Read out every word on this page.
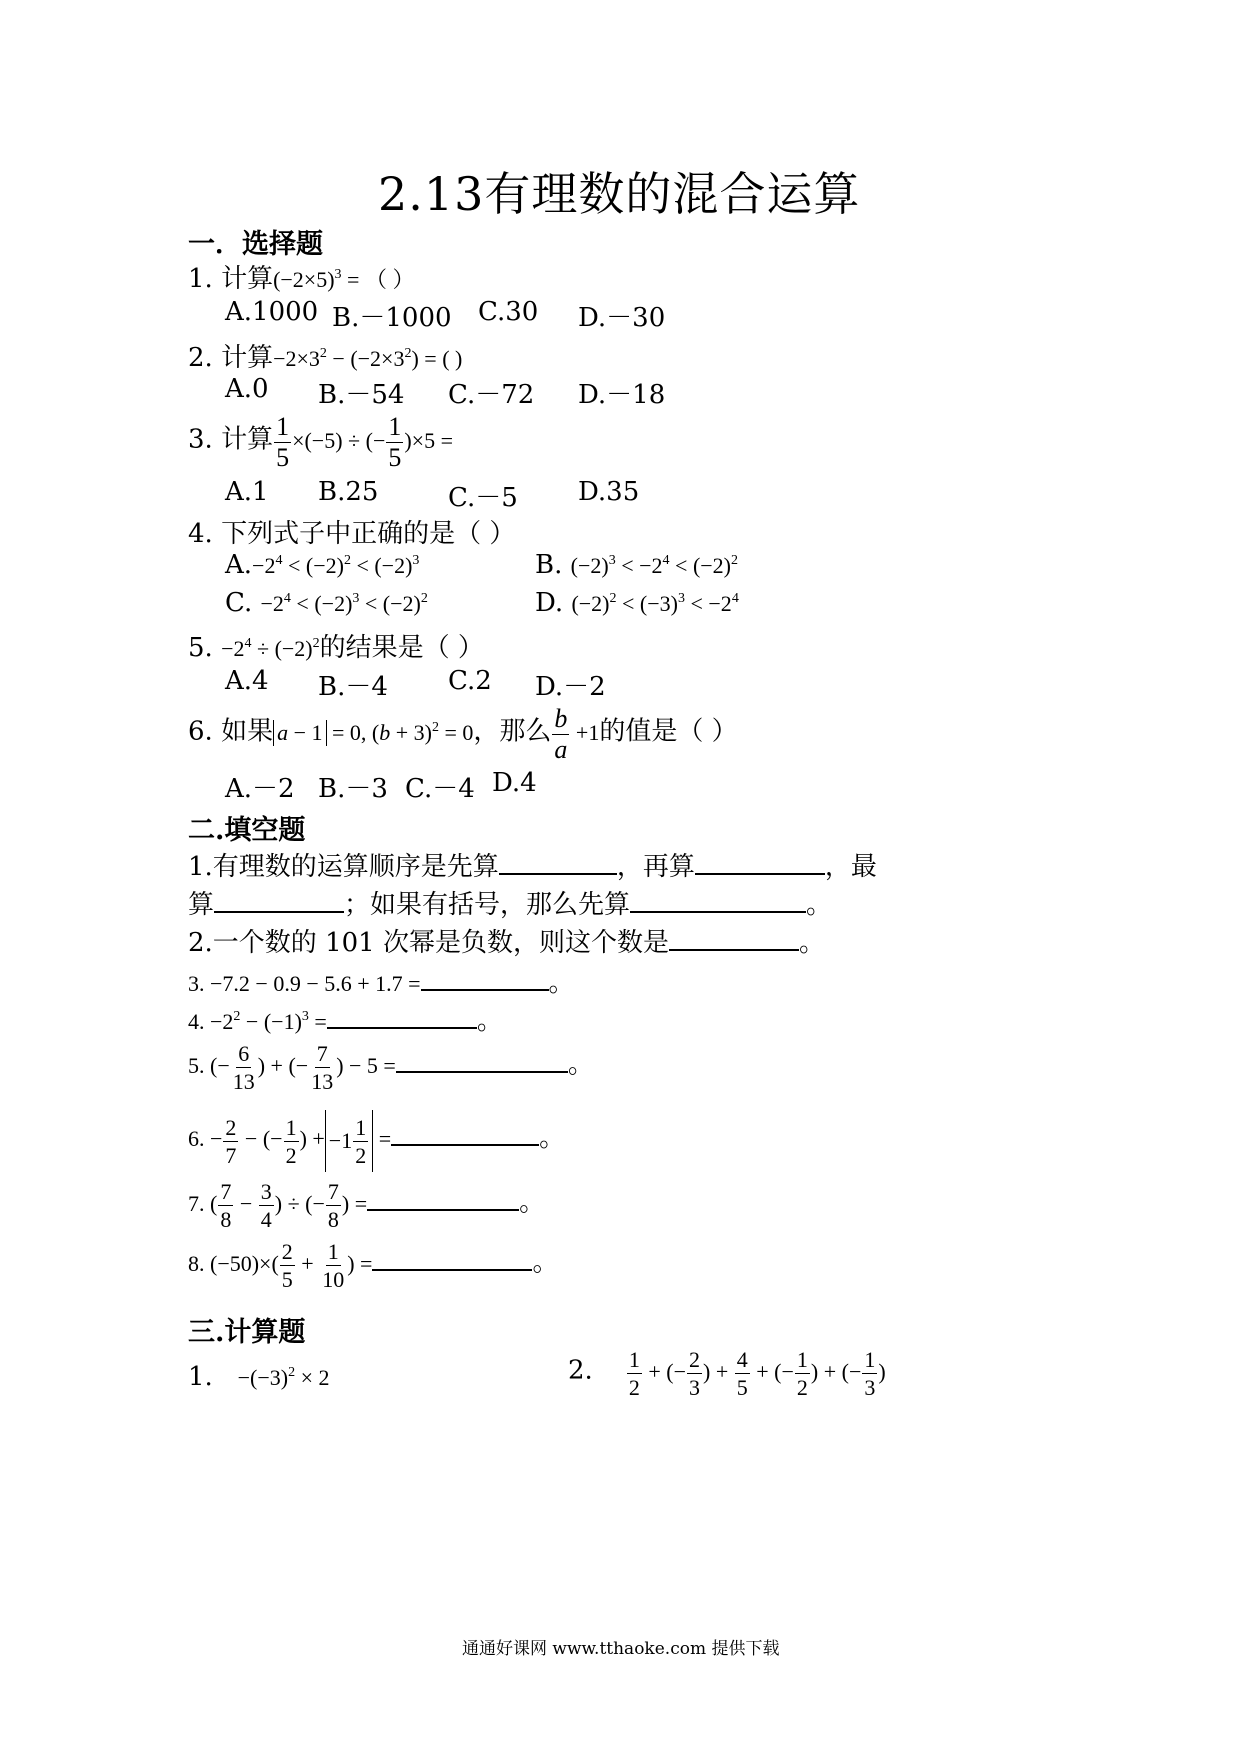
2.13有理数的混合运算
一．选择题
1. 计算$(-2\times 5)^3$ = （ ）
A.1000 B.－1000 C.30 D.－30
2. 计算$-2\times 3^2 - (-2\times 3^2)$ = ( )
A.0 B.－54 C.－72 D.－18
3. 计算 $\frac{1}{5} \times(-5)$ ÷ (− $\frac{1}{5} )\times 5$ =
A.1 B.25	C.－5 D.35
4. 下列式子中正确的是（ ）
$A.-2^4 < (-2)^2 < (-2)^3$	B. $(-2)^3 < -2^4 < (-2)^2$
C. $-2^4 < (-2)^3 < (-2)^2$	D. $(-2)^2 < (-3)^3 < -2^4$
5. $-2^4 \div (-2)^2$的结果是（ ）
A.4 B.－4 C.2 D.－2
6. 如果 a − 1 = 0, $(b + 3)^2 = 0$，那么 $\frac{b}{a} +1$的值是（ ）
A.－2 B.－3 C.－4 D.4
二.填空题
1.有理数的运算顺序是先算	，再算	，最
算	；如果有括号，那么先算	。
2.一个数的 101 次幂是负数，则这个数是	。
3. −7.2 − 0.9 − 5.6 + 1.7 =	。
4. $-2^2 - (-1)^3$ =	。
5. (− $\frac{6}{13}$ ) + (− $\frac{7}{13}$ ) − 5 =	。
6. − $\frac{2}{7}$ − (− $\frac{1}{2}$ ) + $-1 \frac{1}{2}$ =	。
7. ( $\frac{7}{8} - \frac{3}{4}$ ) ÷ (− $\frac{7}{8}$ ) =	。
8. $(-50)\times( \frac{2}{5} + \frac{1}{10}$ ) =	。
三.计算题
1. $-(-3)^2 \times 2$	2. $\frac{1}{2}$ + (− $\frac{2}{3}$ ) + $\frac{4}{5}$ + (− $\frac{1}{2}$ ) + (− $\frac{1}{3}$ )
通通好课网 www.tthaoke.com 提供下载
